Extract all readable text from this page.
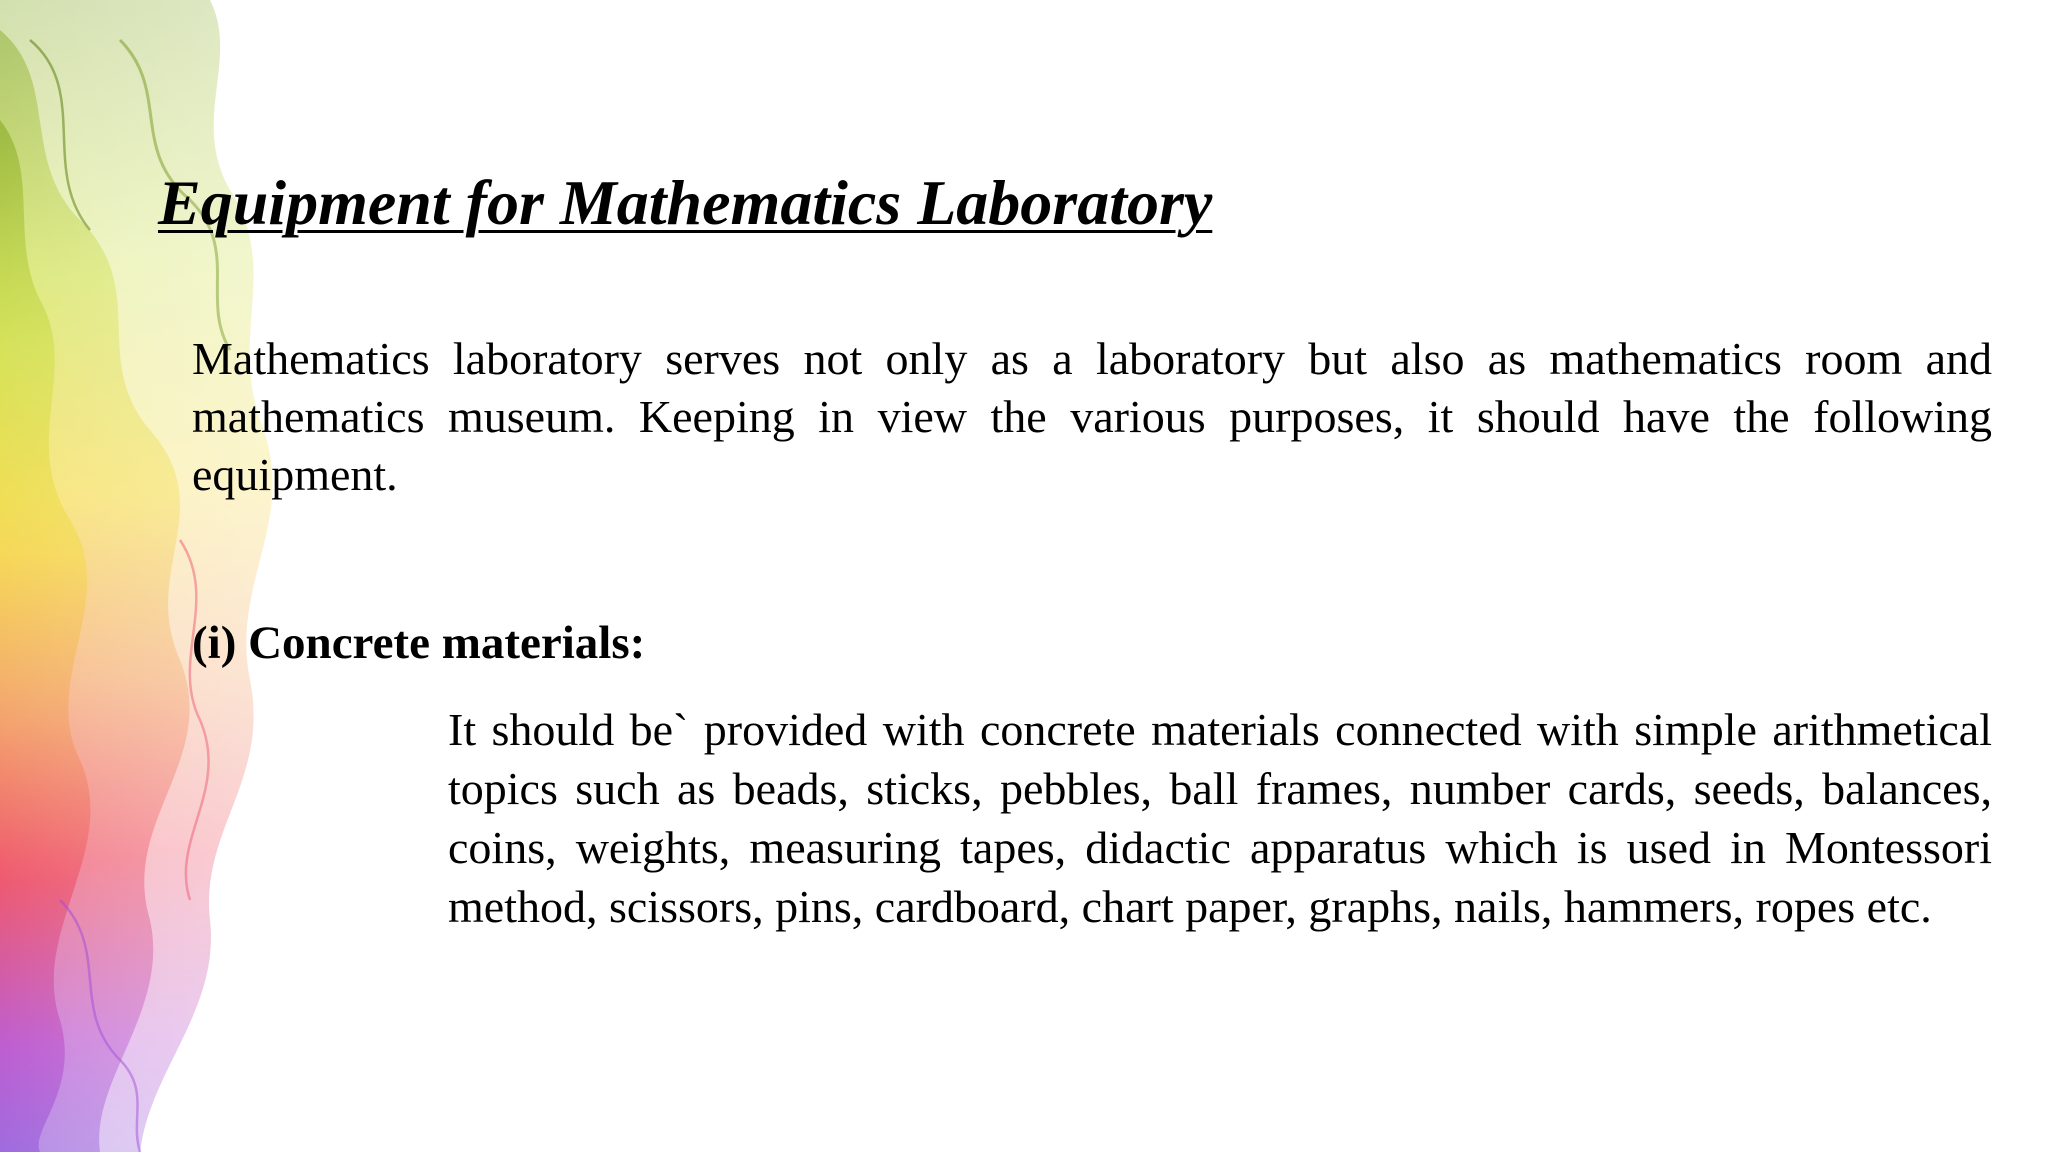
Equipment for Mathematics Laboratory

Mathematics laboratory serves not only as a laboratory but also as mathematics room and mathematics museum. Keeping in view the various purposes, it should have the following equipment.

(i) Concrete materials:

It should be` provided with concrete materials connected with simple arithmetical topics such as beads, sticks, pebbles, ball frames, number cards, seeds, balances, coins, weights, measuring tapes, didactic apparatus which is used in Montessori method, scissors, pins, cardboard, chart paper, graphs, nails, hammers, ropes etc.
